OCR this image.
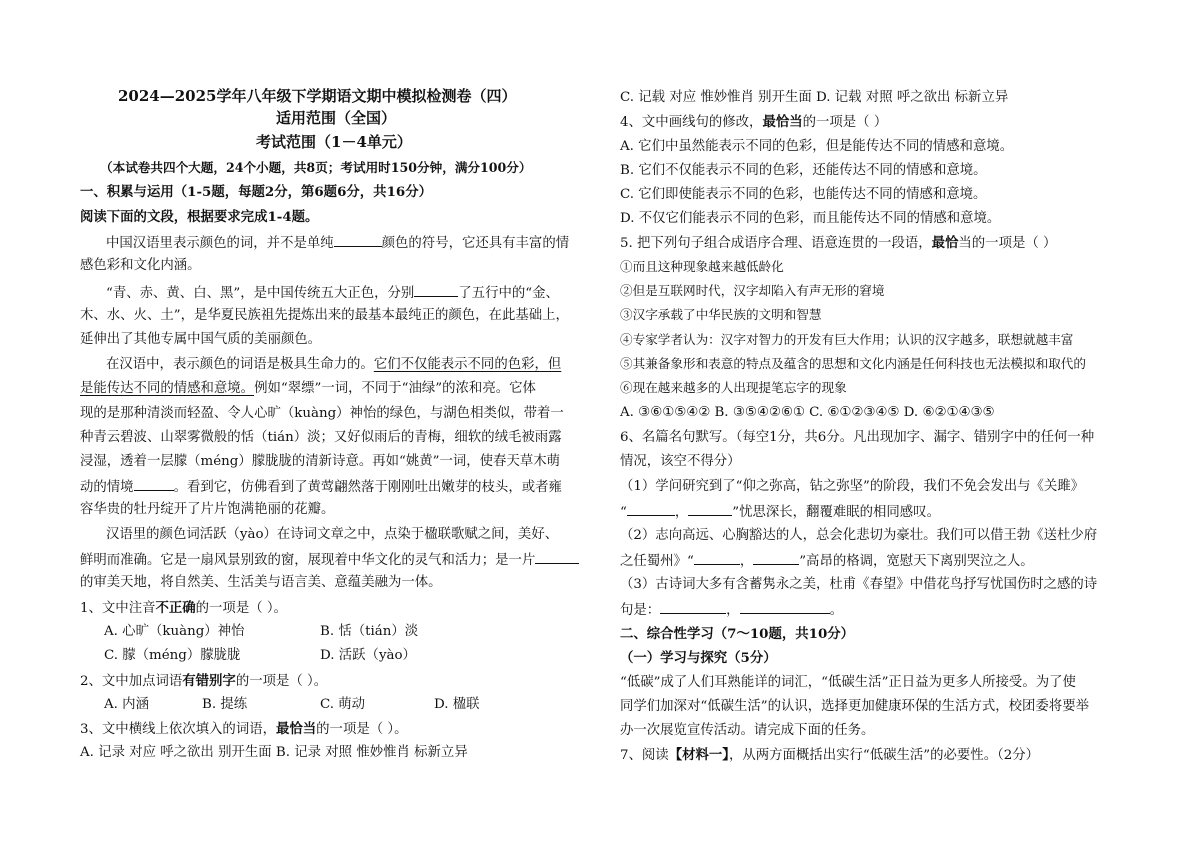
2024—2025学年八年级下学期语文期中模拟检测卷（四）
适用范围（全国）
考试范围（1－4单元）
（本试卷共四个大题，24个小题，共8页；考试用时150分钟，满分100分）
一、积累与运用（1-5题，每题2分，第6题6分，共16分）
阅读下面的文段，根据要求完成1-4题。
中国汉语里表示颜色的词，并不是单纯	颜色的符号，它还具有丰富的情
感色彩和文化内涵。
“青、赤、黄、白、黑”，是中国传统五大正色，分别	了五行中的“金、
木、水、火、土”，是华夏民族祖先提炼出来的最基本最纯正的颜色，在此基础上，
延伸出了其他专属中国气质的美丽颜色。
在汉语中，表示颜色的词语是极具生命力的。它们不仅能表示不同的色彩，但
是能传达不同的情感和意境。例如“翠缥”一词，不同于“油绿”的浓和亮。它体
现的是那种清淡而轻盈、令人心旷（kuàng）神怡的绿色，与湖色相类似，带着一
种青云碧波、山翠雾微般的恬（tián）淡；又好似雨后的青梅，细软的绒毛被雨露
浸湿，透着一层朦（méng）朦胧胧的清新诗意。再如“姚黄”一词，使春天草木萌
动的情境	。看到它，仿佛看到了黄莺翩然落于刚刚吐出嫩芽的枝头，或者雍
容华贵的牡丹绽开了片片饱满艳丽的花瓣。
汉语里的颜色词活跃（yào）在诗词文章之中，点染于楹联歌赋之间，美好、
鲜明而准确。它是一扇风景别致的窗，展现着中华文化的灵气和活力；是一片
的审美天地，将自然美、生活美与语言美、意蕴美融为一体。
1、文中注音不正确的一项是（ ）。
A. 心旷（kuàng）神怡	B. 恬（tián）淡
C. 朦（méng）朦胧胧	D. 活跃（yào）
2、文中加点词语有错别字的一项是（ ）。
A. 内涵	B. 提练	C. 萌动	D. 楹联
3、文中横线上依次填入的词语，最恰当的一项是（ ）。
A. 记录 对应 呼之欲出 别开生面 B. 记录 对照 惟妙惟肖 标新立异
C. 记载 对应 惟妙惟肖 别开生面 D. 记载 对照 呼之欲出 标新立异
4、文中画线句的修改，最恰当的一项是（ ）
A. 它们中虽然能表示不同的色彩，但是能传达不同的情感和意境。
B. 它们不仅能表示不同的色彩，还能传达不同的情感和意境。
C. 它们即使能表示不同的色彩，也能传达不同的情感和意境。
D. 不仅它们能表示不同的色彩，而且能传达不同的情感和意境。
5. 把下列句子组合成语序合理、语意连贯的一段语，最恰当的一项是（ ）
①而且这种现象越来越低龄化
②但是互联网时代，汉字却陷入有声无形的窘境
③汉字承载了中华民族的文明和智慧
④专家学者认为：汉字对智力的开发有巨大作用；认识的汉字越多，联想就越丰富
⑤其兼备象形和表意的特点及蕴含的思想和文化内涵是任何科技也无法模拟和取代的
⑥现在越来越多的人出现提笔忘字的现象
A. ③⑥①⑤④② B. ③⑤④②⑥① C. ⑥①②③④⑤ D. ⑥②①④③⑤
6、名篇名句默写。（每空1分，共6分。凡出现加字、漏字、错别字中的任何一种
情况，该空不得分）
（1）学问研究到了“仰之弥高，钻之弥坚”的阶段，我们不免会发出与《关雎》
“	，	”忧思深长，翻覆难眠的相同感叹。
（2）志向高远、心胸豁达的人，总会化悲切为豪壮。我们可以借王勃《送杜少府
之任蜀州》“	，	”高昂的格调，宽慰天下离别哭泣之人。
（3）古诗词大多有含蓄隽永之美，杜甫《春望》中借花鸟抒写忧国伤时之感的诗
句是：	，	。
二、综合性学习（7～10题，共10分）
（一）学习与探究（5分）
“低碳”成了人们耳熟能详的词汇，“低碳生活”正日益为更多人所接受。为了使
同学们加深对“低碳生活”的认识，选择更加健康环保的生活方式，校团委将要举
办一次展览宣传活动。请完成下面的任务。
7、阅读【材料一】，从两方面概括出实行“低碳生活”的必要性。（2分）
